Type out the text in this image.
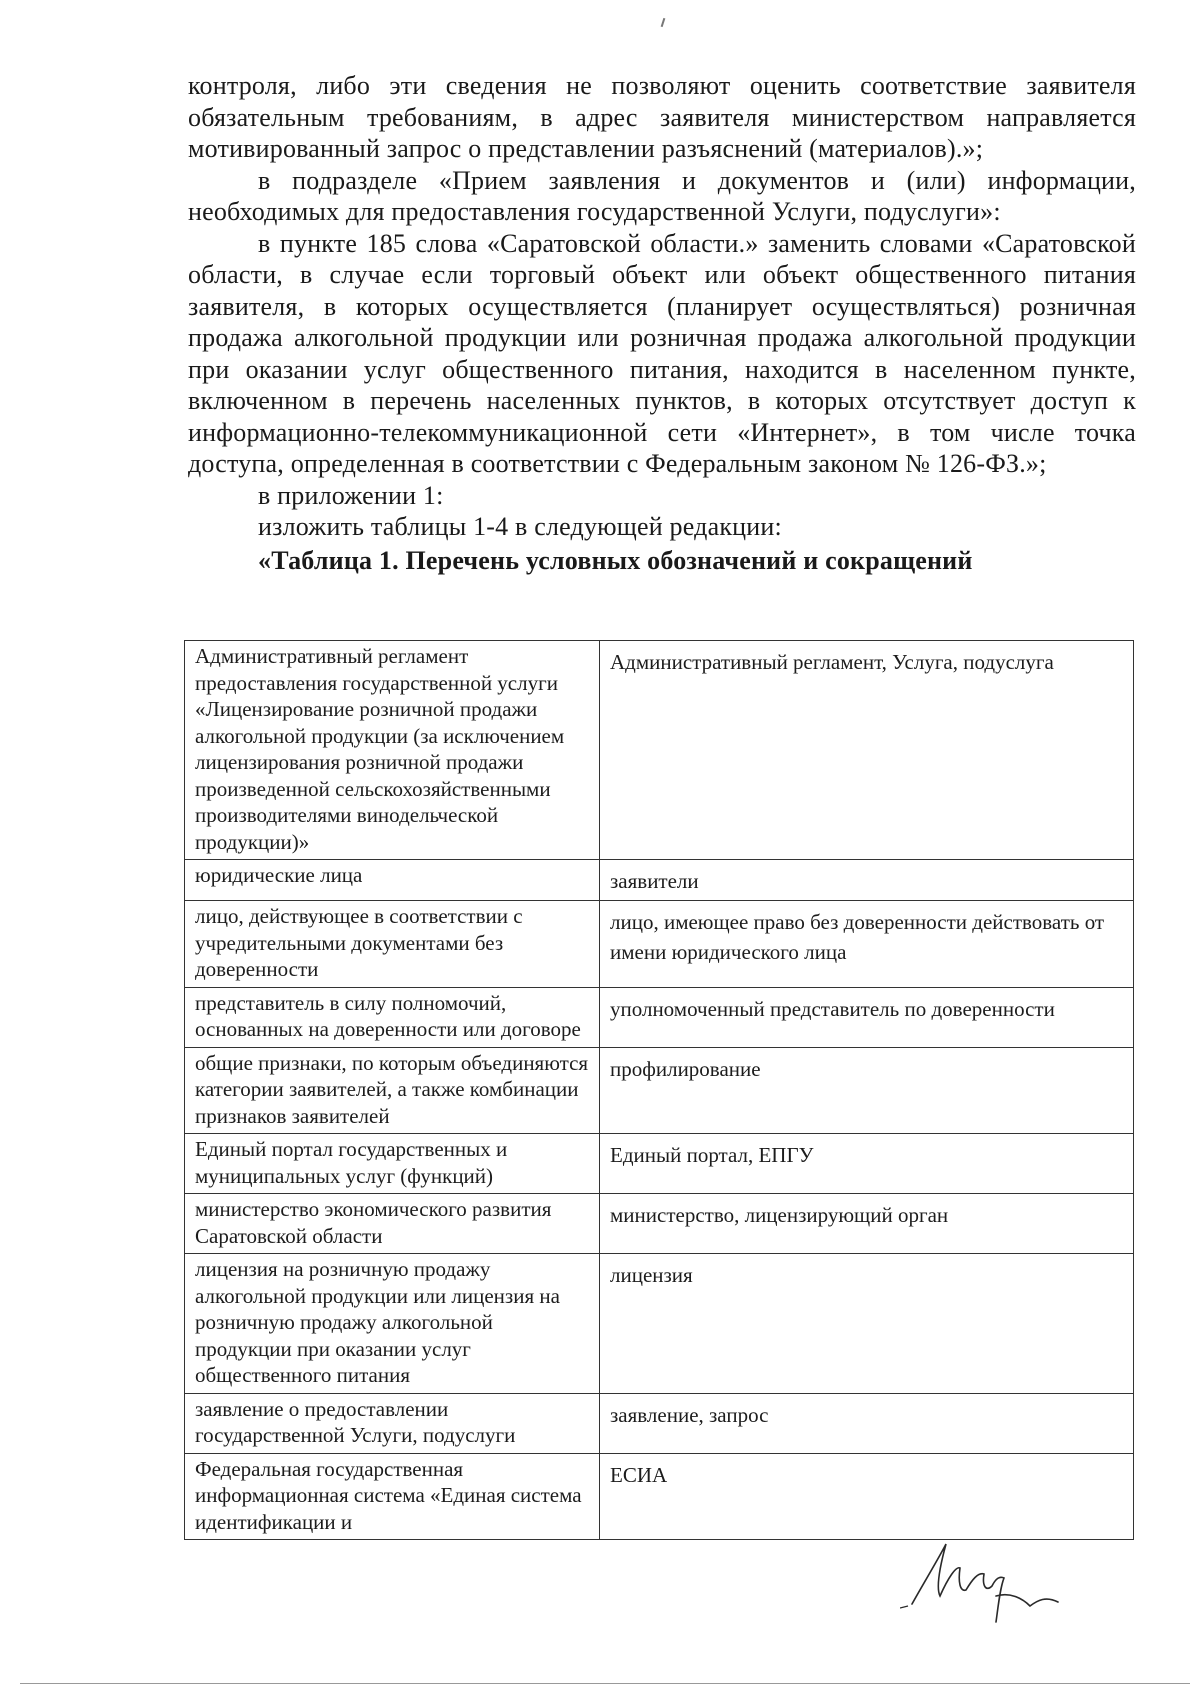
контроля, либо эти сведения не позволяют оценить соответствие заявителя обязательным требованиям, в адрес заявителя министерством направляется мотивированный запрос о представлении разъяснений (материалов).»;

в подразделе «Прием заявления и документов и (или) информации, необходимых для предоставления государственной Услуги, подуслуги»:

в пункте 185 слова «Саратовской области.» заменить словами «Саратовской области, в случае если торговый объект или объект общественного питания заявителя, в которых осуществляется (планирует осуществляться) розничная продажа алкогольной продукции или розничная продажа алкогольной продукции при оказании услуг общественного питания, находится в населенном пункте, включенном в перечень населенных пунктов, в которых отсутствует доступ к информационно-телекоммуникационной сети «Интернет», в том числе точка доступа, определенная в соответствии с Федеральным законом № 126-ФЗ.»;

в приложении 1:

изложить таблицы 1-4 в следующей редакции:

«Таблица 1. Перечень условных обозначений и сокращений

Административный регламент предоставления государственной услуги «Лицензирование розничной продажи алкогольной продукции (за исключением лицензирования розничной продажи произведенной сельскохозяйственными производителями винодельческой продукции)»	Административный регламент, Услуга, подуслуга
юридические лица	заявители
лицо, действующее в соответствии с учредительными документами без доверенности	лицо, имеющее право без доверенности действовать от имени юридического лица
представитель в силу полномочий, основанных на доверенности или договоре	уполномоченный представитель по доверенности
общие признаки, по которым объединяются категории заявителей, а также комбинации признаков заявителей	профилирование
Единый портал государственных и муниципальных услуг (функций)	Единый портал, ЕПГУ
министерство экономического развития Саратовской области	министерство, лицензирующий орган
лицензия на розничную продажу алкогольной продукции или лицензия на розничную продажу алкогольной продукции при оказании услуг общественного питания	лицензия
заявление о предоставлении государственной Услуги, подуслуги	заявление, запрос
Федеральная государственная информационная система «Единая система идентификации и	ЕСИА
